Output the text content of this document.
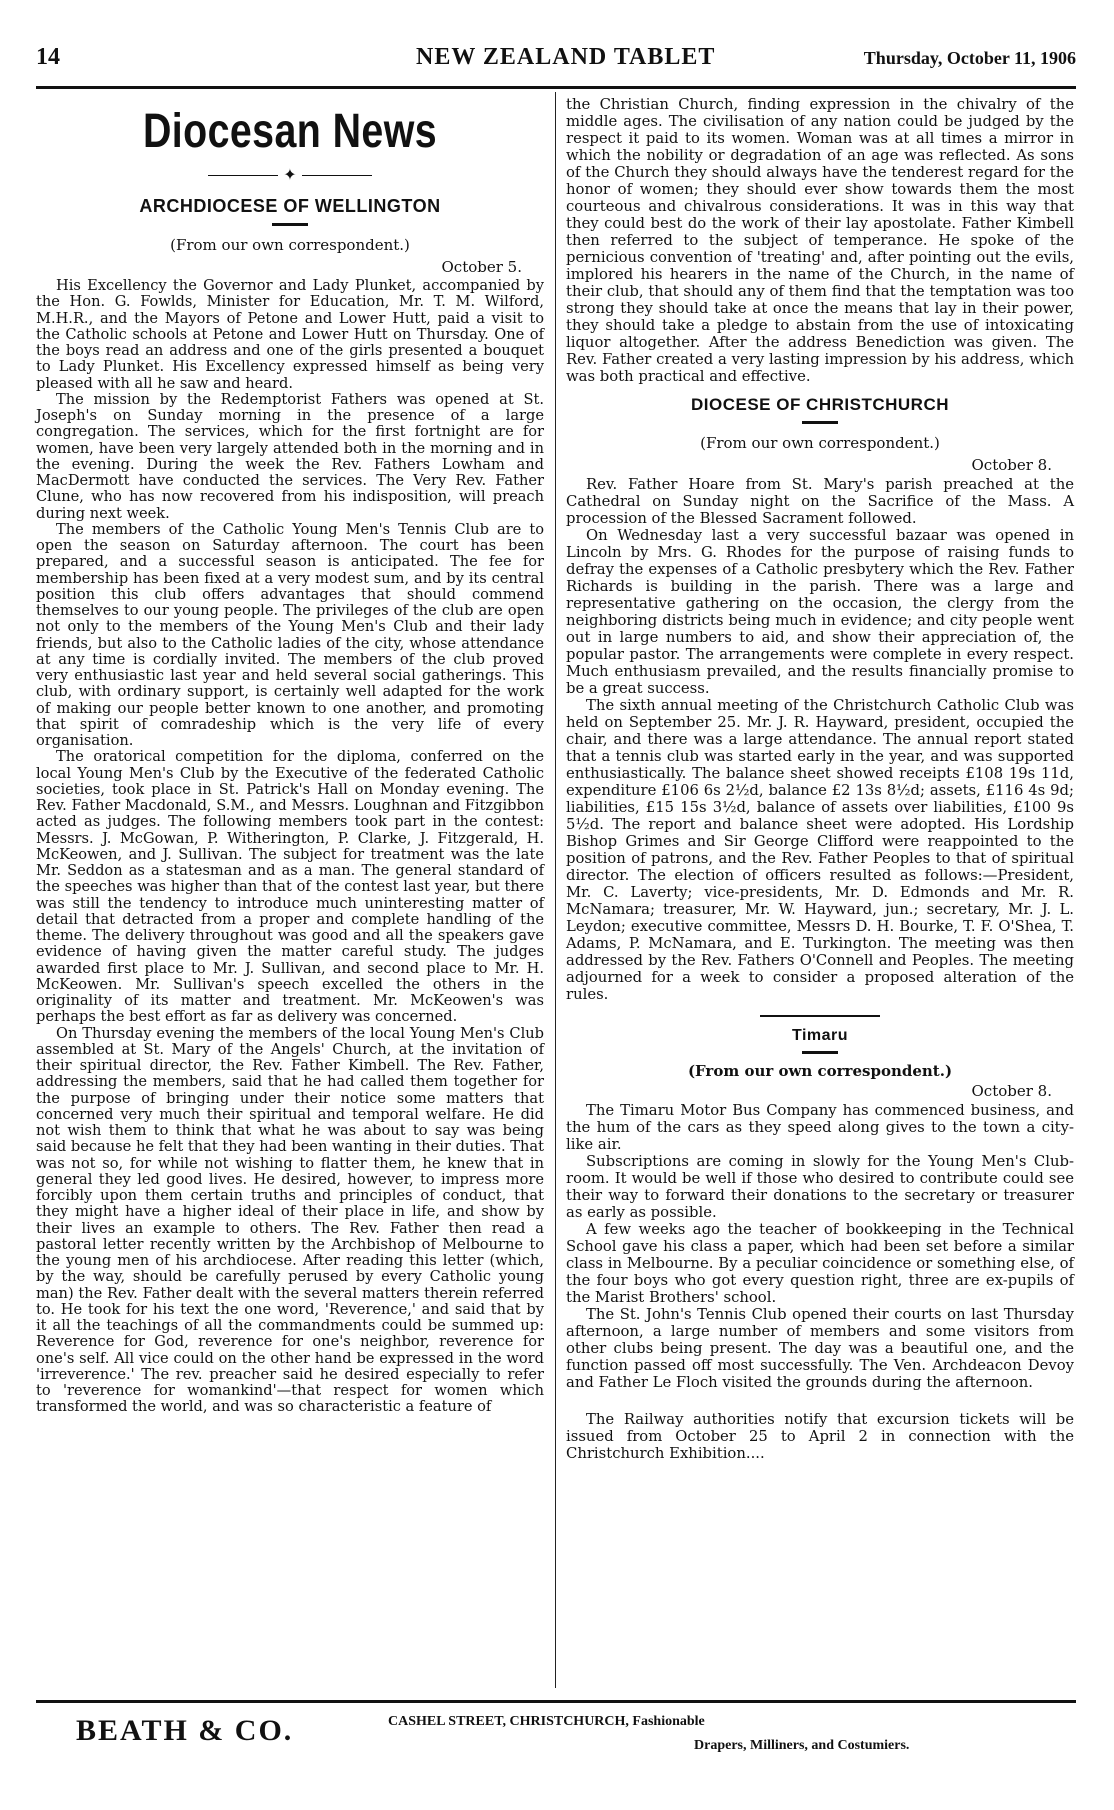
14	NEW ZEALAND TABLET	Thursday, October 11, 1906
Diocesan News
✦
ARCHDIOCESE OF WELLINGTON
(From our own correspondent.)
October 5.

His Excellency the Governor and Lady Plunket, accompanied by the Hon. G. Fowlds, Minister for Education, Mr. T. M. Wilford, M.H.R., and the Mayors of Petone and Lower Hutt, paid a visit to the Catholic schools at Petone and Lower Hutt on Thursday. One of the boys read an address and one of the girls presented a bouquet to Lady Plunket. His Excellency expressed himself as being very pleased with all he saw and heard.

The mission by the Redemptorist Fathers was opened at St. Joseph's on Sunday morning in the presence of a large congregation. The services, which for the first fortnight are for women, have been very largely attended both in the morning and in the evening. During the week the Rev. Fathers Lowham and MacDermott have conducted the services. The Very Rev. Father Clune, who has now recovered from his indisposition, will preach during next week.

The members of the Catholic Young Men's Tennis Club are to open the season on Saturday afternoon. The court has been prepared, and a successful season is anticipated. The fee for membership has been fixed at a very modest sum, and by its central position this club offers advantages that should commend themselves to our young people. The privileges of the club are open not only to the members of the Young Men's Club and their lady friends, but also to the Catholic ladies of the city, whose attendance at any time is cordially invited. The members of the club proved very enthusiastic last year and held several social gatherings. This club, with ordinary support, is certainly well adapted for the work of making our people better known to one another, and promoting that spirit of comradeship which is the very life of every organisation.

The oratorical competition for the diploma, conferred on the local Young Men's Club by the Executive of the federated Catholic societies, took place in St. Patrick's Hall on Monday evening. The Rev. Father Macdonald, S.M., and Messrs. Loughnan and Fitzgibbon acted as judges. The following members took part in the contest: Messrs. J. McGowan, P. Witherington, P. Clarke, J. Fitzgerald, H. McKeowen, and J. Sullivan. The subject for treatment was the late Mr. Seddon as a statesman and as a man. The general standard of the speeches was higher than that of the contest last year, but there was still the tendency to introduce much uninteresting matter of detail that detracted from a proper and complete handling of the theme. The delivery throughout was good and all the speakers gave evidence of having given the matter careful study. The judges awarded first place to Mr. J. Sullivan, and second place to Mr. H. McKeowen. Mr. Sullivan's speech excelled the others in the originality of its matter and treatment. Mr. McKeowen's was perhaps the best effort as far as delivery was concerned.

On Thursday evening the members of the local Young Men's Club assembled at St. Mary of the Angels' Church, at the invitation of their spiritual director, the Rev. Father Kimbell. The Rev. Father, addressing the members, said that he had called them together for the purpose of bringing under their notice some matters that concerned very much their spiritual and temporal welfare. He did not wish them to think that what he was about to say was being said because he felt that they had been wanting in their duties. That was not so, for while not wishing to flatter them, he knew that in general they led good lives. He desired, however, to impress more forcibly upon them certain truths and principles of conduct, that they might have a higher ideal of their place in life, and show by their lives an example to others. The Rev. Father then read a pastoral letter recently written by the Archbishop of Melbourne to the young men of his archdiocese. After reading this letter (which, by the way, should be carefully perused by every Catholic young man) the Rev. Father dealt with the several matters therein referred to. He took for his text the one word, 'Reverence,' and said that by it all the teachings of all the commandments could be summed up: Reverence for God, reverence for one's neighbor, reverence for one's self. All vice could on the other hand be expressed in the word 'irreverence.' The rev. preacher said he desired especially to refer to 'reverence for womankind'—that respect for women which transformed the world, and was so characteristic a feature of

the Christian Church, finding expression in the chivalry of the middle ages. The civilisation of any nation could be judged by the respect it paid to its women. Woman was at all times a mirror in which the nobility or degradation of an age was reflected. As sons of the Church they should always have the tenderest regard for the honor of women; they should ever show towards them the most courteous and chivalrous considerations. It was in this way that they could best do the work of their lay apostolate. Father Kimbell then referred to the subject of temperance. He spoke of the pernicious convention of 'treating' and, after pointing out the evils, implored his hearers in the name of the Church, in the name of their club, that should any of them find that the temptation was too strong they should take at once the means that lay in their power, they should take a pledge to abstain from the use of intoxicating liquor altogether. After the address Benediction was given. The Rev. Father created a very lasting impression by his address, which was both practical and effective.

DIOCESE OF CHRISTCHURCH
(From our own correspondent.)
October 8.

Rev. Father Hoare from St. Mary's parish preached at the Cathedral on Sunday night on the Sacrifice of the Mass. A procession of the Blessed Sacrament followed.

On Wednesday last a very successful bazaar was opened in Lincoln by Mrs. G. Rhodes for the purpose of raising funds to defray the expenses of a Catholic presbytery which the Rev. Father Richards is building in the parish. There was a large and representative gathering on the occasion, the clergy from the neighboring districts being much in evidence; and city people went out in large numbers to aid, and show their appreciation of, the popular pastor. The arrangements were complete in every respect. Much enthusiasm prevailed, and the results financially promise to be a great success.

The sixth annual meeting of the Christchurch Catholic Club was held on September 25. Mr. J. R. Hayward, president, occupied the chair, and there was a large attendance. The annual report stated that a tennis club was started early in the year, and was supported enthusiastically. The balance sheet showed receipts £108 19s 11d, expenditure £106 6s 2½d, balance £2 13s 8½d; assets, £116 4s 9d; liabilities, £15 15s 3½d, balance of assets over liabilities, £100 9s 5½d. The report and balance sheet were adopted. His Lordship Bishop Grimes and Sir George Clifford were reappointed to the position of patrons, and the Rev. Father Peoples to that of spiritual director. The election of officers resulted as follows:—President, Mr. C. Laverty; vice-presidents, Mr. D. Edmonds and Mr. R. McNamara; treasurer, Mr. W. Hayward, jun.; secretary, Mr. J. L. Leydon; executive committee, Messrs D. H. Bourke, T. F. O'Shea, T. Adams, P. McNamara, and E. Turkington. The meeting was then addressed by the Rev. Fathers O'Connell and Peoples. The meeting adjourned for a week to consider a proposed alteration of the rules.

Timaru
(From our own correspondent.)
October 8.

The Timaru Motor Bus Company has commenced business, and the hum of the cars as they speed along gives to the town a city-like air.

Subscriptions are coming in slowly for the Young Men's Club-room. It would be well if those who desired to contribute could see their way to forward their donations to the secretary or treasurer as early as possible.

A few weeks ago the teacher of bookkeeping in the Technical School gave his class a paper, which had been set before a similar class in Melbourne. By a peculiar coincidence or something else, of the four boys who got every question right, three are ex-pupils of the Marist Brothers' school.

The St. John's Tennis Club opened their courts on last Thursday afternoon, a large number of members and some visitors from other clubs being present. The day was a beautiful one, and the function passed off most successfully. The Ven. Archdeacon Devoy and Father Le Floch visited the grounds during the afternoon.

The Railway authorities notify that excursion tickets will be issued from October 25 to April 2 in connection with the Christchurch Exhibition....

BEATH & CO.	CASHEL STREET, CHRISTCHURCH, Fashionable
Drapers, Milliners, and Costumiers.
